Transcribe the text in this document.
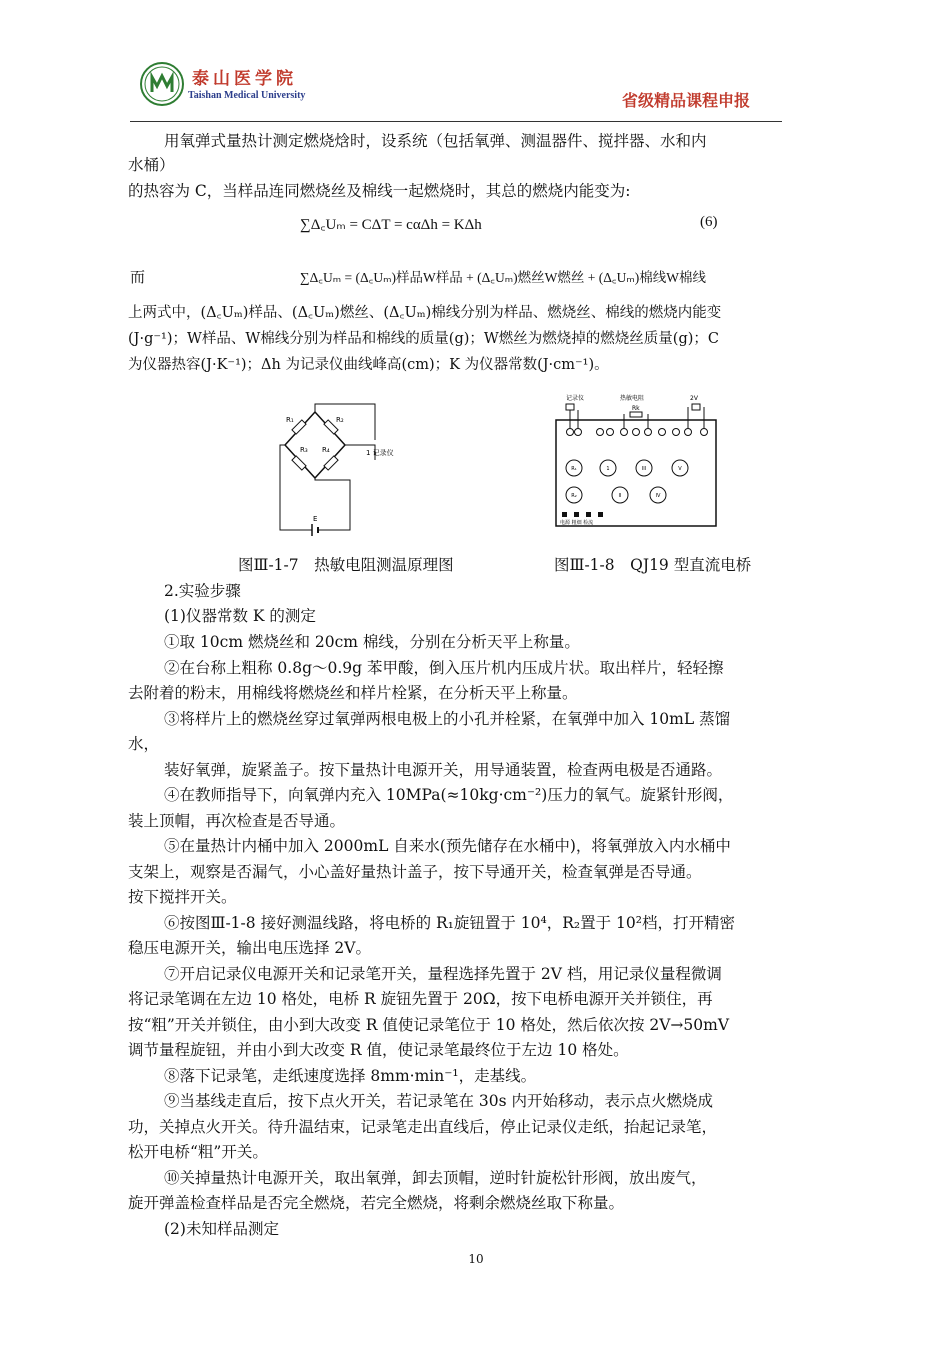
泰山医学院
Taishan Medical University	省级精品课程申报
用氧弹式量热计测定燃烧焓时，设系统（包括氧弹、测温器件、搅拌器、水和内
水桶）
的热容为 C，当样品连同燃烧丝及棉线一起燃烧时，其总的燃烧内能变为:
∑Δ꜀Uₘ = CΔT = cαΔh = KΔh	(6)
而	∑Δ꜀Uₘ = (Δ꜀Uₘ)样品W样品 + (Δ꜀Uₘ)燃丝W燃丝 + (Δ꜀Uₘ)棉线W棉线
上两式中，(Δ꜀Uₘ)样品、(Δ꜀Uₘ)燃丝、(Δ꜀Uₘ)棉线分别为样品、燃烧丝、棉线的燃烧内能变
(J·g⁻¹)；W样品、W棉线分别为样品和棉线的质量(g)；W燃丝为燃烧掉的燃烧丝质量(g)；C
为仪器热容(J·K⁻¹)；Δh 为记录仪曲线峰高(cm)；K 为仪器常数(J·cm⁻¹)。
R₁	R₂
R₃ R₄	1 记录仪
E
记录仪	热敏电阻
Rk
2V
R₁	1	III	V
R₂	II	IV
电源 粗细 检流
图Ⅲ-1-7　热敏电阻测温原理图	图Ⅲ-1-8　QJ19 型直流电桥
2.实验步骤
(1)仪器常数 K 的测定
①取 10cm 燃烧丝和 20cm 棉线，分别在分析天平上称量。
②在台称上粗称 0.8g～0.9g 苯甲酸，倒入压片机内压成片状。取出样片，轻轻擦
去附着的粉末，用棉线将燃烧丝和样片栓紧，在分析天平上称量。
③将样片上的燃烧丝穿过氧弹两根电极上的小孔并栓紧，在氧弹中加入 10mL 蒸馏
水，
装好氧弹，旋紧盖子。按下量热计电源开关，用导通装置，检查两电极是否通路。
④在教师指导下，向氧弹内充入 10MPa(≈10kg·cm⁻²)压力的氧气。旋紧针形阀，
装上顶帽，再次检查是否导通。
⑤在量热计内桶中加入 2000mL 自来水(预先储存在水桶中)，将氧弹放入内水桶中
支架上，观察是否漏气，小心盖好量热计盖子，按下导通开关，检查氧弹是否导通。
按下搅拌开关。
⑥按图Ⅲ-1-8 接好测温线路，将电桥的 R₁旋钮置于 10⁴，R₂置于 10²档，打开精密
稳压电源开关，输出电压选择 2V。
⑦开启记录仪电源开关和记录笔开关，量程选择先置于 2V 档，用记录仪量程微调
将记录笔调在左边 10 格处，电桥 R 旋钮先置于 20Ω，按下电桥电源开关并锁住，再
按“粗”开关并锁住，由小到大改变 R 值使记录笔位于 10 格处，然后依次按 2V→50mV
调节量程旋钮，并由小到大改变 R 值，使记录笔最终位于左边 10 格处。
⑧落下记录笔，走纸速度选择 8mm·min⁻¹，走基线。
⑨当基线走直后，按下点火开关，若记录笔在 30s 内开始移动，表示点火燃烧成
功，关掉点火开关。待升温结束，记录笔走出直线后，停止记录仪走纸，抬起记录笔，
松开电桥“粗”开关。
⑩关掉量热计电源开关，取出氧弹，卸去顶帽，逆时针旋松针形阀，放出废气，
旋开弹盖检查样品是否完全燃烧，若完全燃烧，将剩余燃烧丝取下称量。
(2)未知样品测定
10
